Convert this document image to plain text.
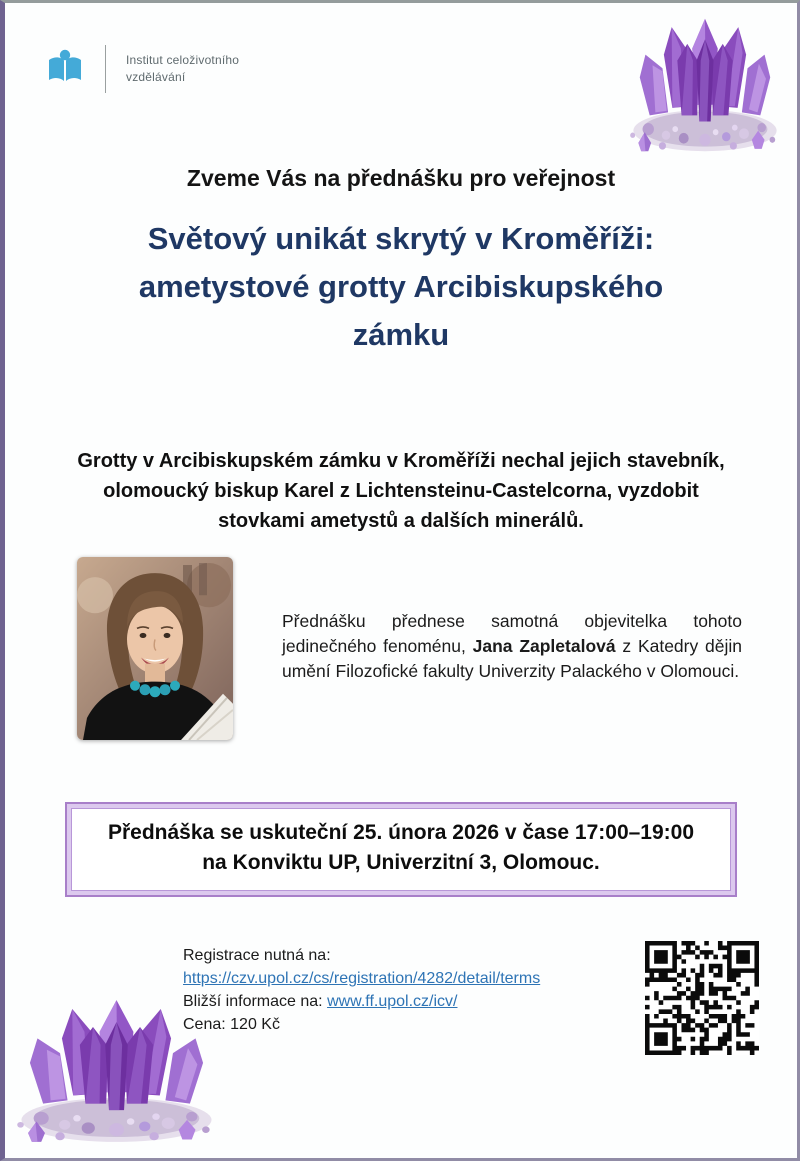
Institut celoživotního
vzdělávání
Zveme Vás na přednášku pro veřejnost
Světový unikát skrytý v Kroměříži:
ametystové grotty Arcibiskupského
zámku
Grotty v Arcibiskupském zámku v Kroměříži nechal jejich stavebník,
olomoucký biskup Karel z Lichtensteinu-Castelcorna, vyzdobit
stovkami ametystů a dalších minerálů.

Přednášku přednese samotná objevitelka tohoto jedinečného fenoménu, Jana Zapletalová z Katedry dějin umění Filozofické fakulty Univerzity Palackého v Olomouci.

Přednáška se uskuteční 25. února 2026 v čase 17:00–19:00
na Konviktu UP, Univerzitní 3, Olomouc.
Registrace nutná na:
https://czv.upol.cz/cs/registration/4282/detail/terms
Bližší informace na: www.ff.upol.cz/icv/
Cena: 120 Kč
